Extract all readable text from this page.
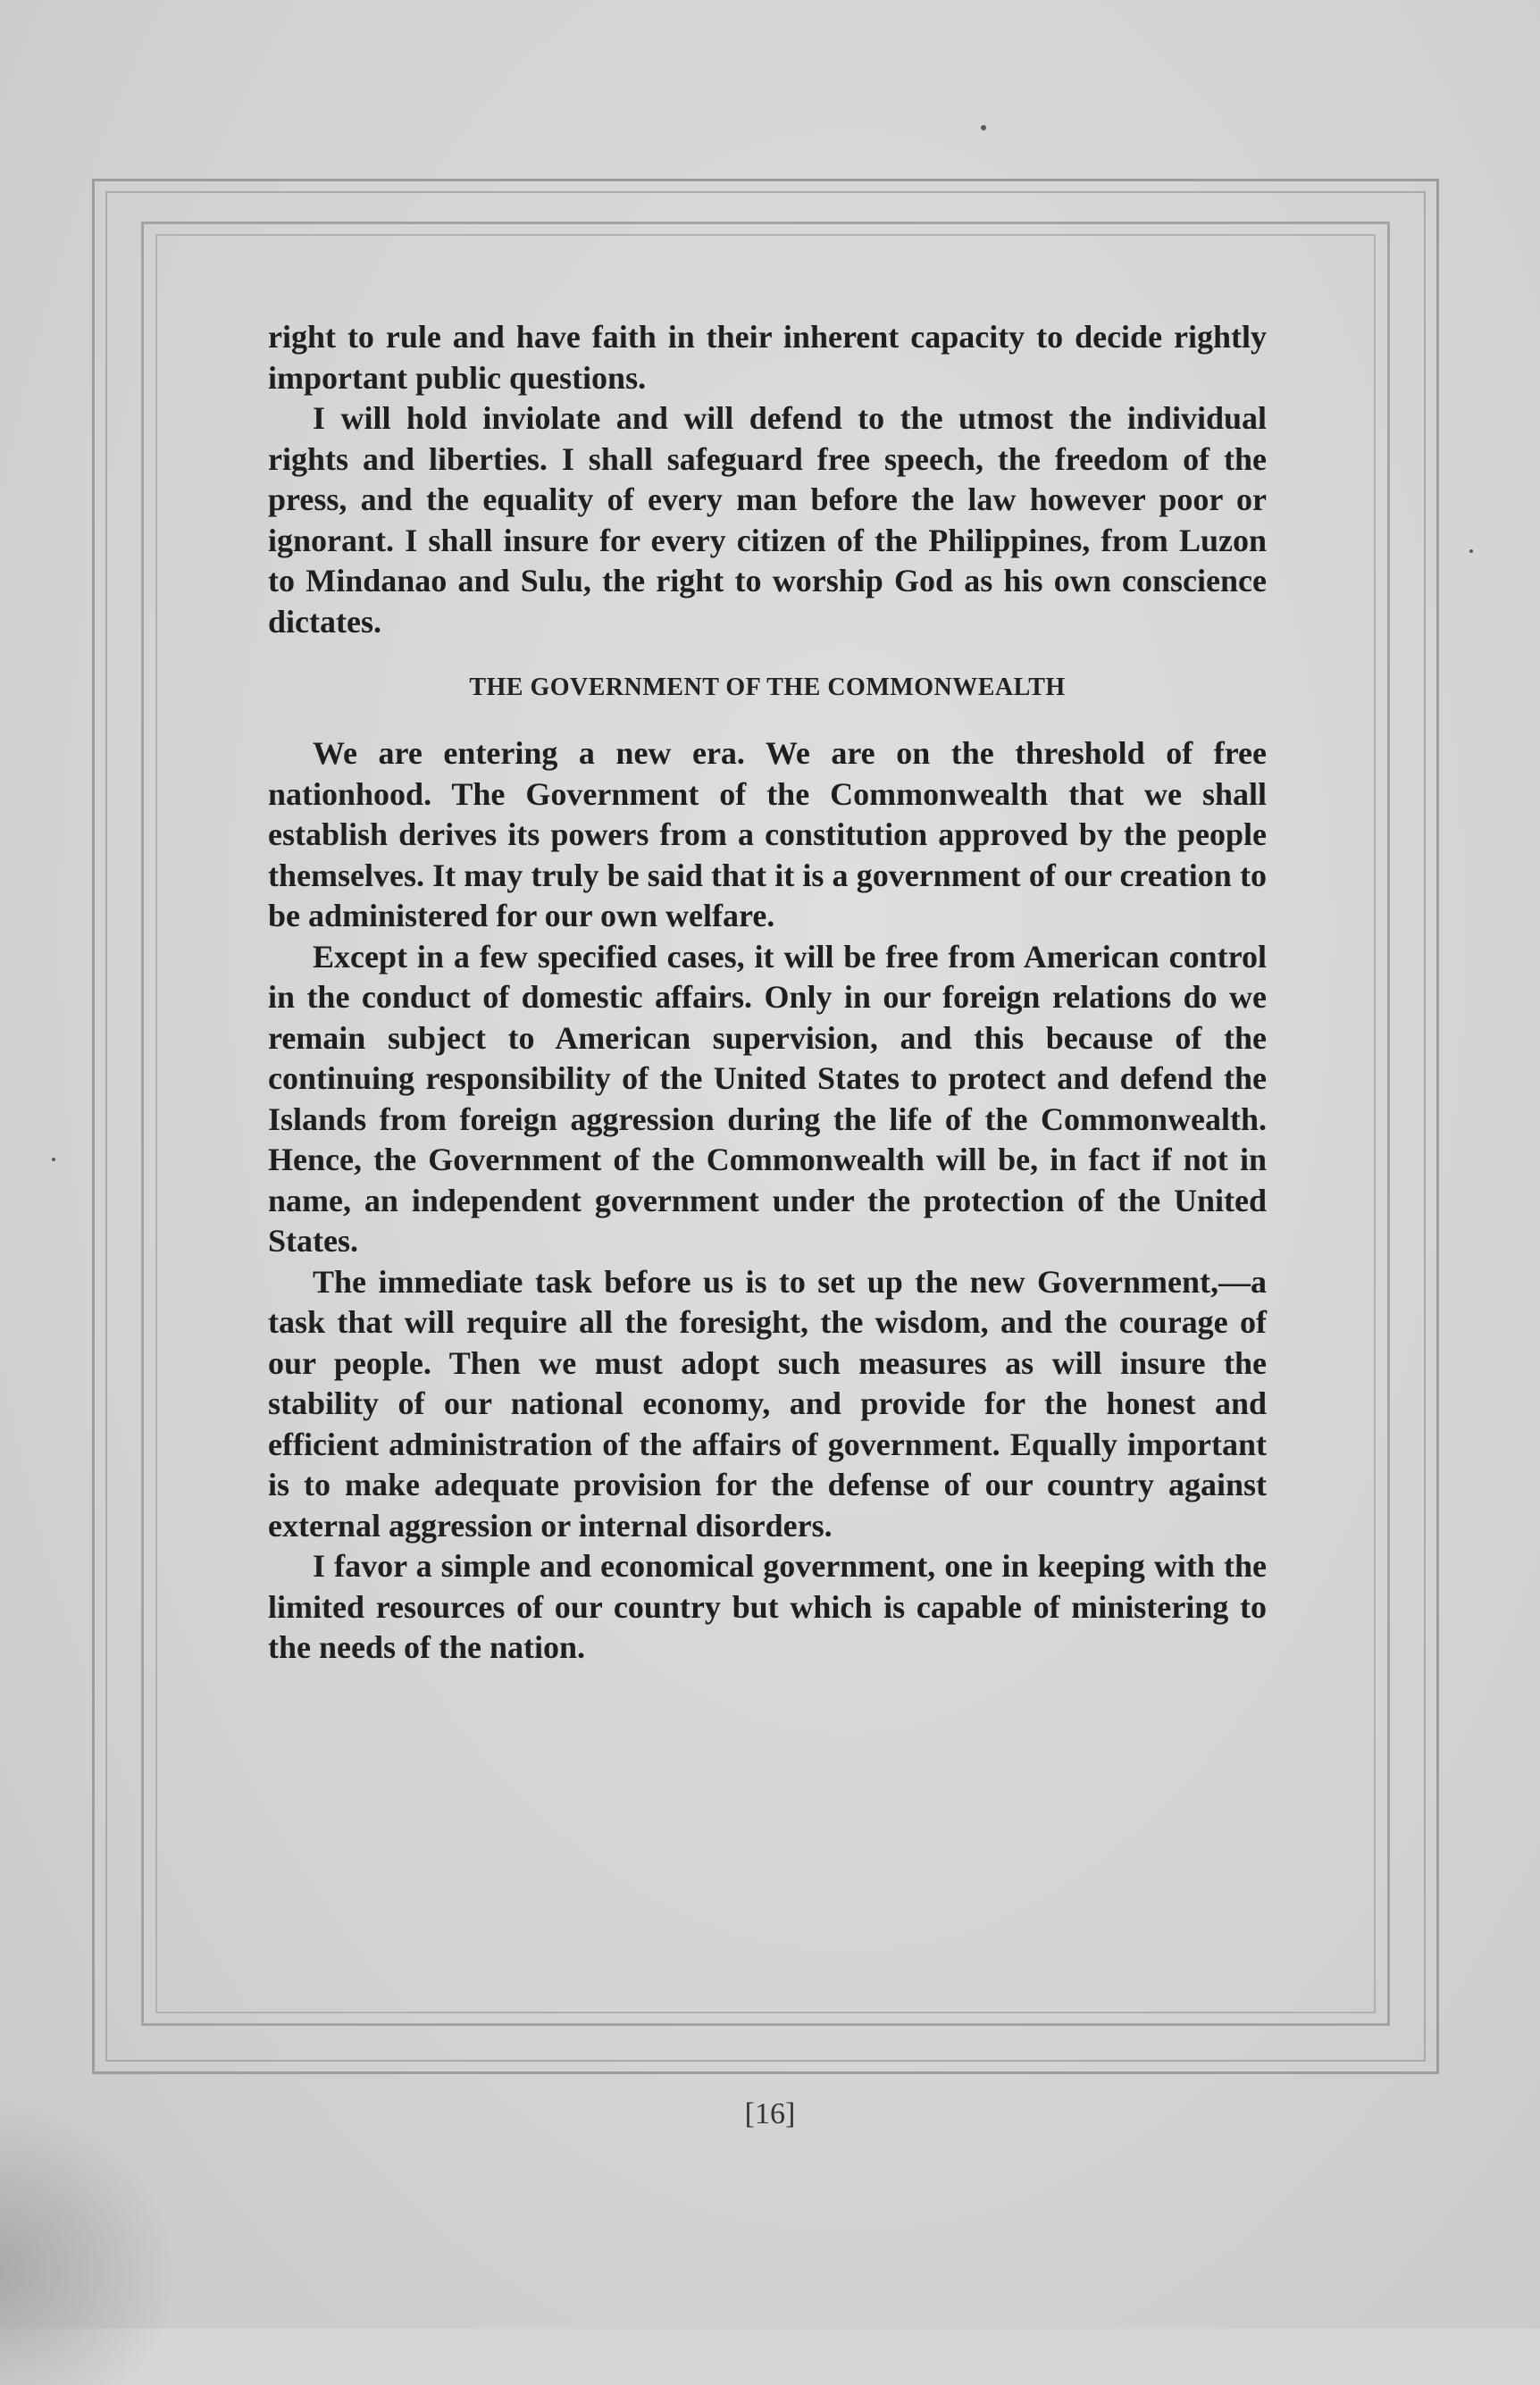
right to rule and have faith in their inherent capacity to decide rightly important public questions.

I will hold inviolate and will defend to the utmost the individual rights and liberties. I shall safeguard free speech, the freedom of the press, and the equality of every man before the law however poor or ignorant. I shall insure for every citizen of the Philippines, from Luzon to Mindanao and Sulu, the right to worship God as his own conscience dictates.

THE GOVERNMENT OF THE COMMONWEALTH

We are entering a new era. We are on the threshold of free nationhood. The Government of the Commonwealth that we shall establish derives its powers from a constitution approved by the people themselves. It may truly be said that it is a government of our creation to be administered for our own welfare.

Except in a few specified cases, it will be free from American control in the conduct of domestic affairs. Only in our foreign relations do we remain subject to American supervision, and this because of the continuing responsibility of the United States to protect and defend the Islands from foreign aggression during the life of the Commonwealth. Hence, the Government of the Commonwealth will be, in fact if not in name, an independent government under the protection of the United States.

The immediate task before us is to set up the new Government,—a task that will require all the foresight, the wisdom, and the courage of our people. Then we must adopt such measures as will insure the stability of our national economy, and provide for the honest and efficient administration of the affairs of government. Equally important is to make adequate provision for the defense of our country against external aggression or internal disorders.

I favor a simple and economical government, one in keeping with the limited resources of our country but which is capable of ministering to the needs of the nation.

[16]
